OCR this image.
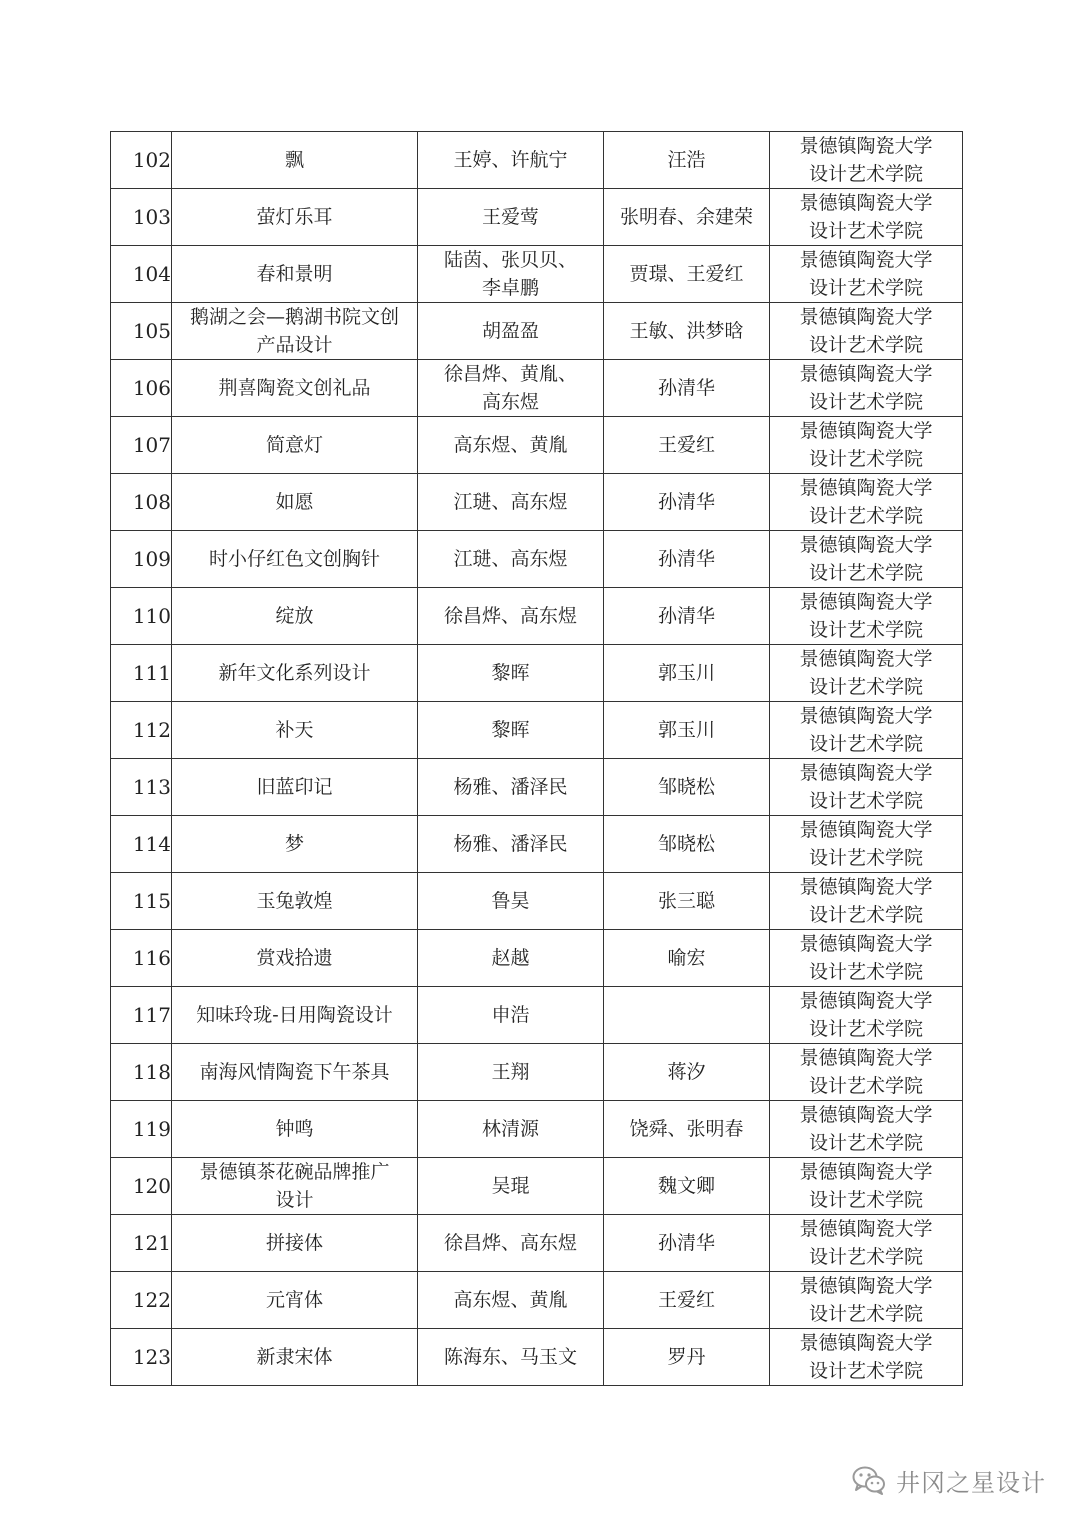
102	飘	王婷、许航宁	汪浩	景德镇陶瓷大学
设计艺术学院

103	萤灯乐耳	王爱莺	张明春、余建荣	景德镇陶瓷大学
设计艺术学院

104	春和景明	陆茵、张贝贝、
李卓鹏	贾璟、王爱红	景德镇陶瓷大学
设计艺术学院

105	鹅湖之会—鹅湖书院文创
产品设计	胡盈盈	王敏、洪梦晗	景德镇陶瓷大学
设计艺术学院

106	荆喜陶瓷文创礼品	徐昌烨、黄胤、
高东煜	孙清华	景德镇陶瓷大学
设计艺术学院

107	简意灯	高东煜、黄胤	王爱红	景德镇陶瓷大学
设计艺术学院

108	如愿	江琎、高东煜	孙清华	景德镇陶瓷大学
设计艺术学院

109	时小仔红色文创胸针	江琎、高东煜	孙清华	景德镇陶瓷大学
设计艺术学院

110	绽放	徐昌烨、高东煜	孙清华	景德镇陶瓷大学
设计艺术学院

111	新年文化系列设计	黎晖	郭玉川	景德镇陶瓷大学
设计艺术学院

112	补天	黎晖	郭玉川	景德镇陶瓷大学
设计艺术学院

113	旧蓝印记	杨雅、潘泽民	邹晓松	景德镇陶瓷大学
设计艺术学院

114	梦	杨雅、潘泽民	邹晓松	景德镇陶瓷大学
设计艺术学院

115	玉兔敦煌	鲁昊	张三聪	景德镇陶瓷大学
设计艺术学院

116	赏戏拾遗	赵越	喻宏	景德镇陶瓷大学
设计艺术学院

117	知味玲珑-日用陶瓷设计	申浩		景德镇陶瓷大学
设计艺术学院

118	南海风情陶瓷下午茶具	王翔	蒋汐	景德镇陶瓷大学
设计艺术学院

119	钟鸣	林清源	饶舜、张明春	景德镇陶瓷大学
设计艺术学院

120	景德镇茶花碗品牌推广
设计	吴琨	魏文卿	景德镇陶瓷大学
设计艺术学院

121	拼接体	徐昌烨、高东煜	孙清华	景德镇陶瓷大学
设计艺术学院

122	元宵体	高东煜、黄胤	王爱红	景德镇陶瓷大学
设计艺术学院

123	新隶宋体	陈海东、马玉文	罗丹	景德镇陶瓷大学
设计艺术学院
井冈之星设计
